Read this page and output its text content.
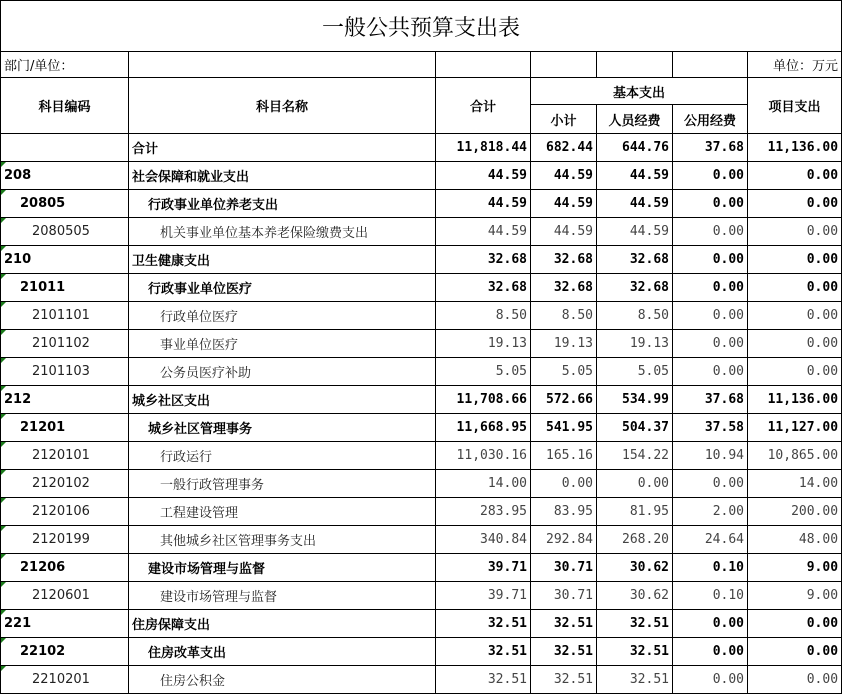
一般公共预算支出表						
部门/单位：						单位：万元
科目编码	科目名称	合计	基本支出			项目支出
			小计	人员经费	公用经费	
	合计	11,818.44	682.44	644.76	37.68	11,136.00

208	社会保障和就业支出	44.59	44.59	44.59	0.00	0.00

20805	行政事业单位养老支出	44.59	44.59	44.59	0.00	0.00

2080505	机关事业单位基本养老保险缴费支出	44.59	44.59	44.59	0.00	0.00

210	卫生健康支出	32.68	32.68	32.68	0.00	0.00

21011	行政事业单位医疗	32.68	32.68	32.68	0.00	0.00

2101101	行政单位医疗	8.50	8.50	8.50	0.00	0.00

2101102	事业单位医疗	19.13	19.13	19.13	0.00	0.00

2101103	公务员医疗补助	5.05	5.05	5.05	0.00	0.00

212	城乡社区支出	11,708.66	572.66	534.99	37.68	11,136.00

21201	城乡社区管理事务	11,668.95	541.95	504.37	37.58	11,127.00

2120101	行政运行	11,030.16	165.16	154.22	10.94	10,865.00

2120102	一般行政管理事务	14.00	0.00	0.00	0.00	14.00

2120106	工程建设管理	283.95	83.95	81.95	2.00	200.00

2120199	其他城乡社区管理事务支出	340.84	292.84	268.20	24.64	48.00

21206	建设市场管理与监督	39.71	30.71	30.62	0.10	9.00

2120601	建设市场管理与监督	39.71	30.71	30.62	0.10	9.00

221	住房保障支出	32.51	32.51	32.51	0.00	0.00

22102	住房改革支出	32.51	32.51	32.51	0.00	0.00

2210201	住房公积金	32.51	32.51	32.51	0.00	0.00
